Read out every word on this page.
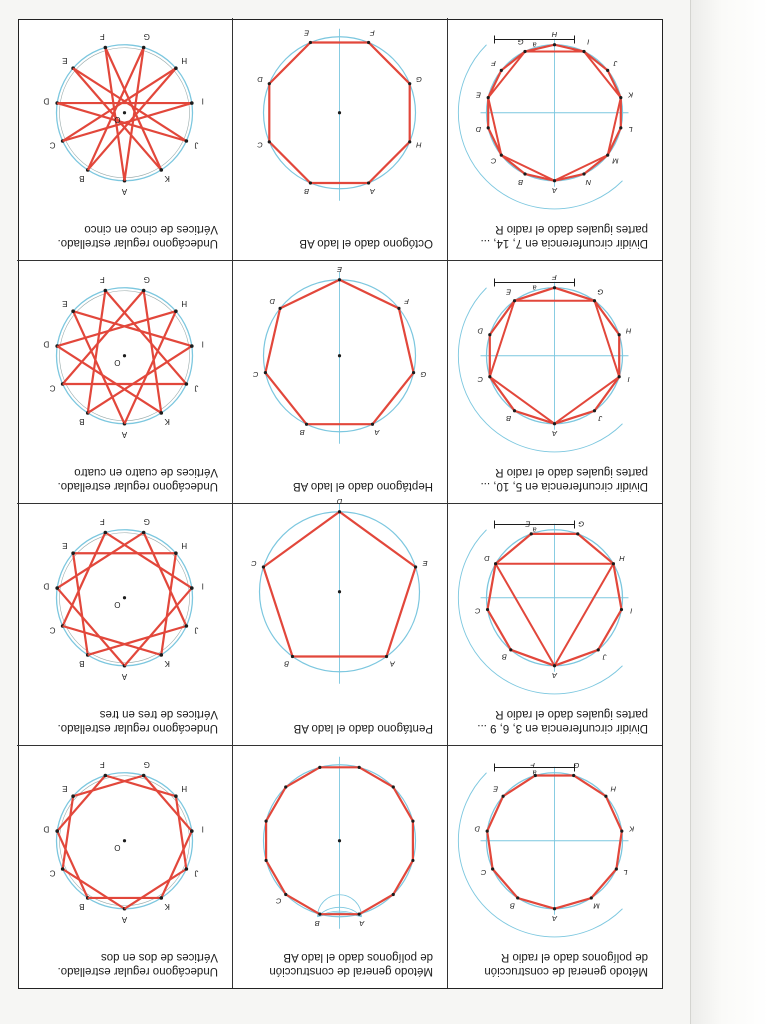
Método general de construcción
de polígonos dado el radio R
A
B
C
D
E
F	G
H
K
L
M
a
Método general de construcción
de polígonos dado el lado AB
A
B
C
Undecágono regular estrellado.
Vértices de dos en dos
A
B
C
D
E
F	G
H
I
J
K
O
Dividir circunferencia en 3, 6, 9 ...
partes iguales dado el radio R
A
B
C
D
E	G
H
I
J
a
Pentágono dado el lado AB
A
B
C
D
E
Undecágono regular estrellado.
Vértices de tres en tres
A
B
C
D
E
F	G
H
I
J
K
O
Dividir circunferencia en 5, 10, ...
partes iguales dado el radio R
A
B
C
D
E
F
G
H
I
J
a
Heptágono dado el lado AB
A
B
C
D
E
F
G
Undecágono regular estrellado.
Vértices de cuatro en cuatro
A
B
C
D
E
F	G
H
I
J
K
O
Dividir circunferencia en 7, 14, ...
partes iguales dado el radio R
A
B
C
D
E
F
G
H
I
J
K
L
M
N
a
Octógono dado el lado AB
A
B
C
D
E	F
G
H
Undecágono regular estrellado.
Vértices de cinco en cinco
A
B
C
D
E
F	G
H
I
J
K
O
